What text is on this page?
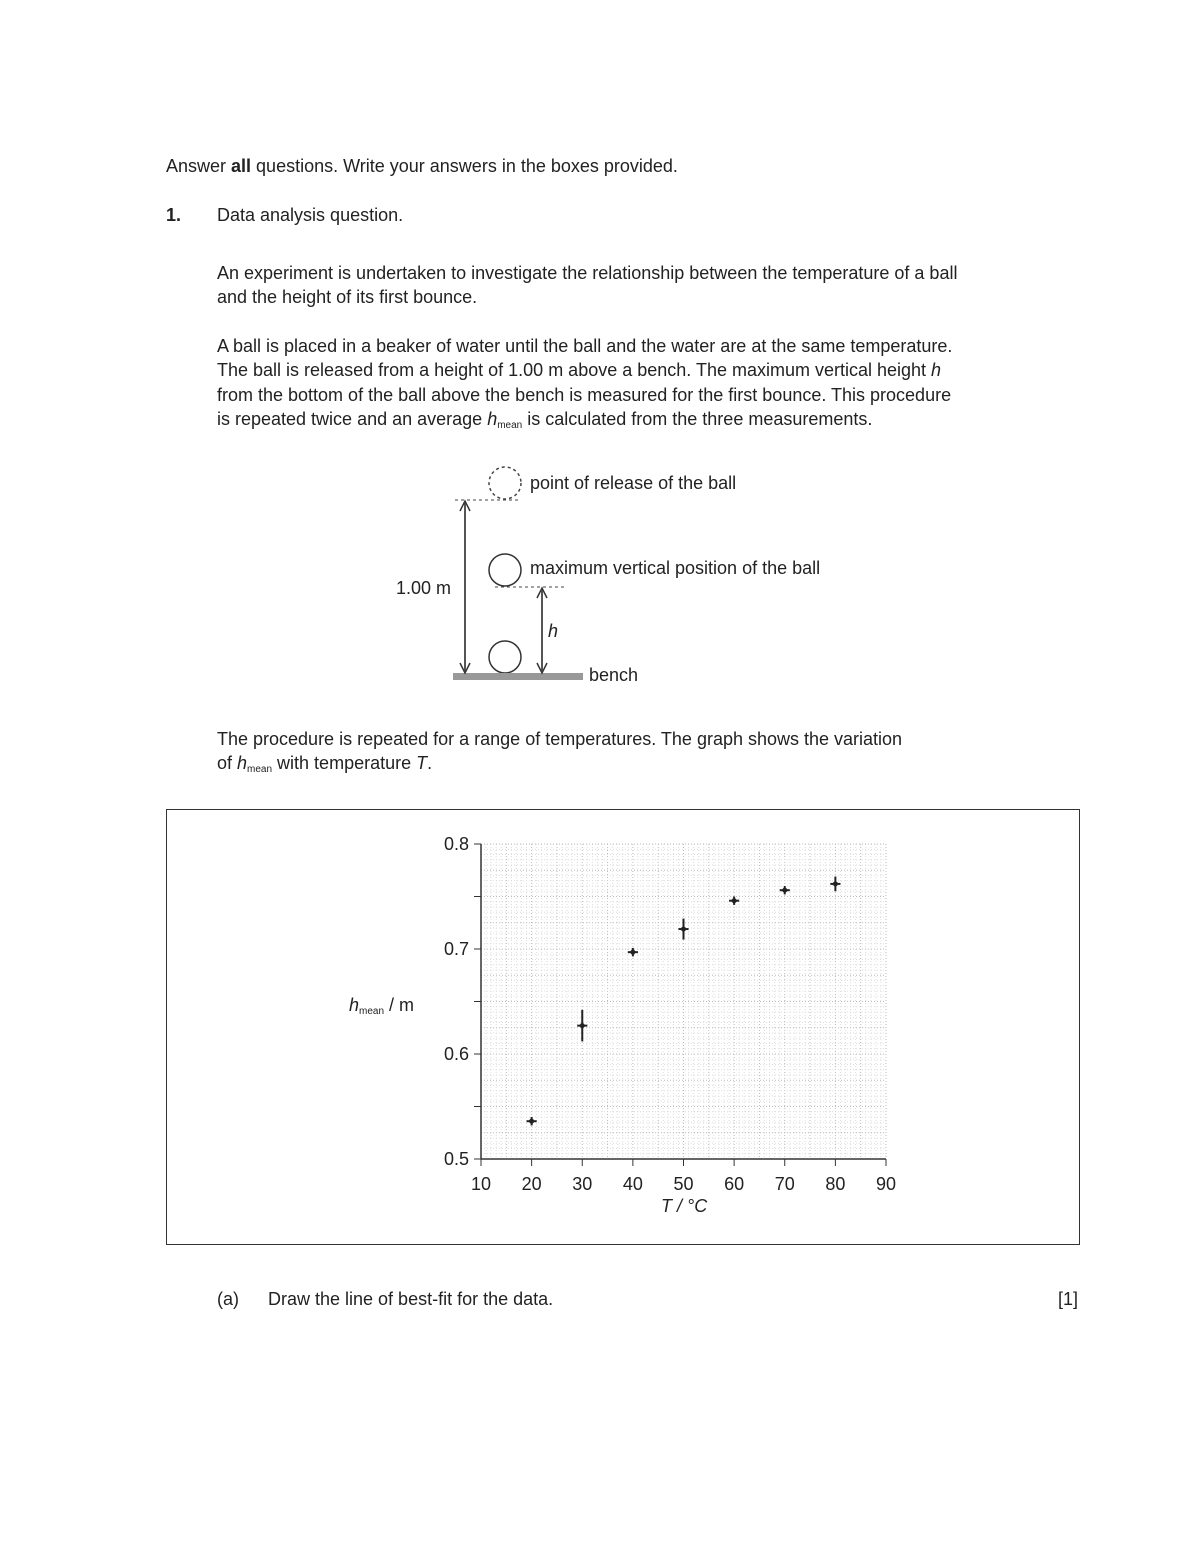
Answer all questions. Write your answers in the boxes provided.
1. Data analysis question.
An experiment is undertaken to investigate the relationship between the temperature of a ball
and the height of its first bounce.
A ball is placed in a beaker of water until the ball and the water are at the same temperature.
The ball is released from a height of 1.00 m above a bench. The maximum vertical height h
from the bottom of the ball above the bench is measured for the first bounce. This procedure
is repeated twice and an average $h_{mean}$ is calculated from the three measurements.
point of release of the ball
maximum vertical position of the ball
1.00 m
h
bench
The procedure is repeated for a range of temperatures. The graph shows the variation
of $h_{mean}$ with temperature T.
10 20 30 40 50 60 70 80 90
0.5
0.6
0.7
0.8
$h_{mean}$ / m
T / °C
(a) Draw the line of best-fit for the data.	[1]
